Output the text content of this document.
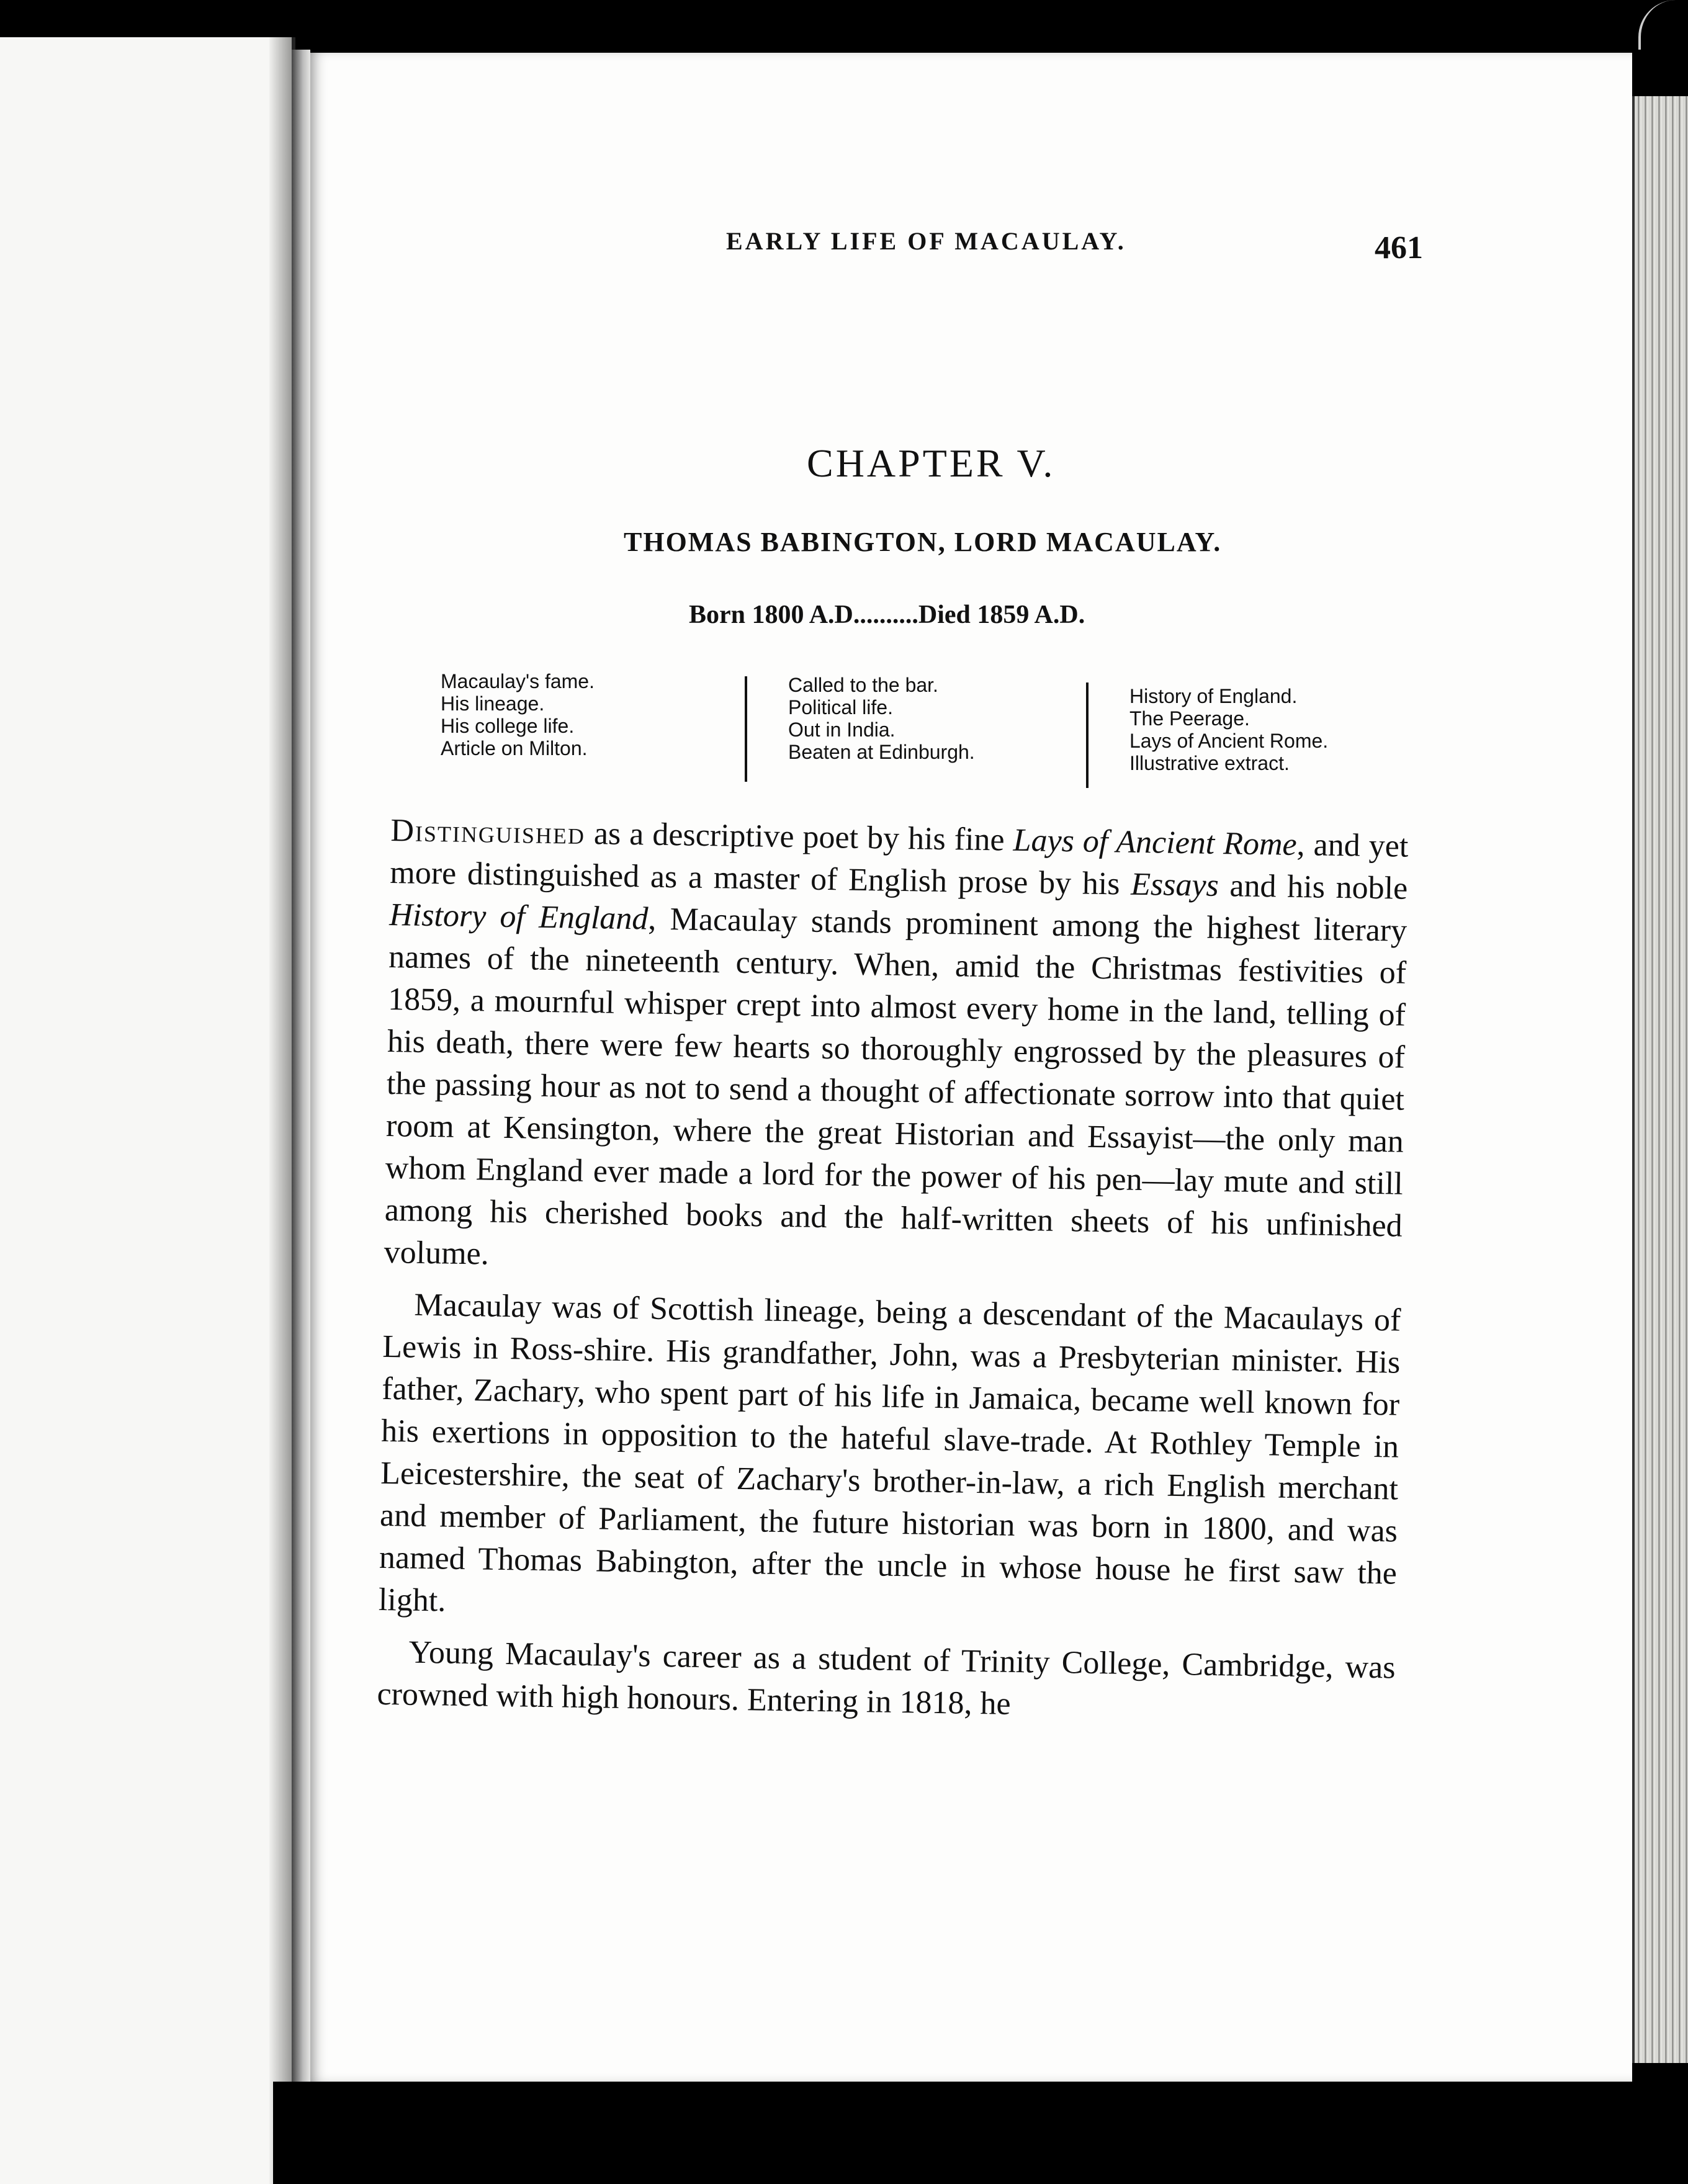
EARLY LIFE OF MACAULAY.	461
CHAPTER V.
THOMAS BABINGTON, LORD MACAULAY.
Born 1800 A.D..........Died 1859 A.D.
Macaulay's fame.
His lineage.
His college life.
Article on Milton.
Called to the bar.
Political life.
Out in India.
Beaten at Edinburgh.
History of England.
The Peerage.
Lays of Ancient Rome.
Illustrative extract.

Distinguished as a descriptive poet by his fine Lays of Ancient Rome, and yet more distinguished as a master of English prose by his Essays and his noble History of England, Macaulay stands prominent among the highest literary names of the nineteenth century. When, amid the Christmas festivities of 1859, a mournful whisper crept into almost every home in the land, telling of his death, there were few hearts so thoroughly engrossed by the pleasures of the passing hour as not to send a thought of affectionate sorrow into that quiet room at Kensington, where the great Historian and Essayist—the only man whom England ever made a lord for the power of his pen—lay mute and still among his cherished books and the half-written sheets of his unfinished volume.

Macaulay was of Scottish lineage, being a descendant of the Macaulays of Lewis in Ross-shire. His grandfather, John, was a Presbyterian minister. His father, Zachary, who spent part of his life in Jamaica, became well known for his exertions in opposition to the hateful slave-trade. At Rothley Temple in Leicestershire, the seat of Zachary's brother-in-law, a rich English merchant and member of Parliament, the future historian was born in 1800, and was named Thomas Babington, after the uncle in whose house he first saw the light.

Young Macaulay's career as a student of Trinity College, Cambridge, was crowned with high honours. Entering in 1818, he
